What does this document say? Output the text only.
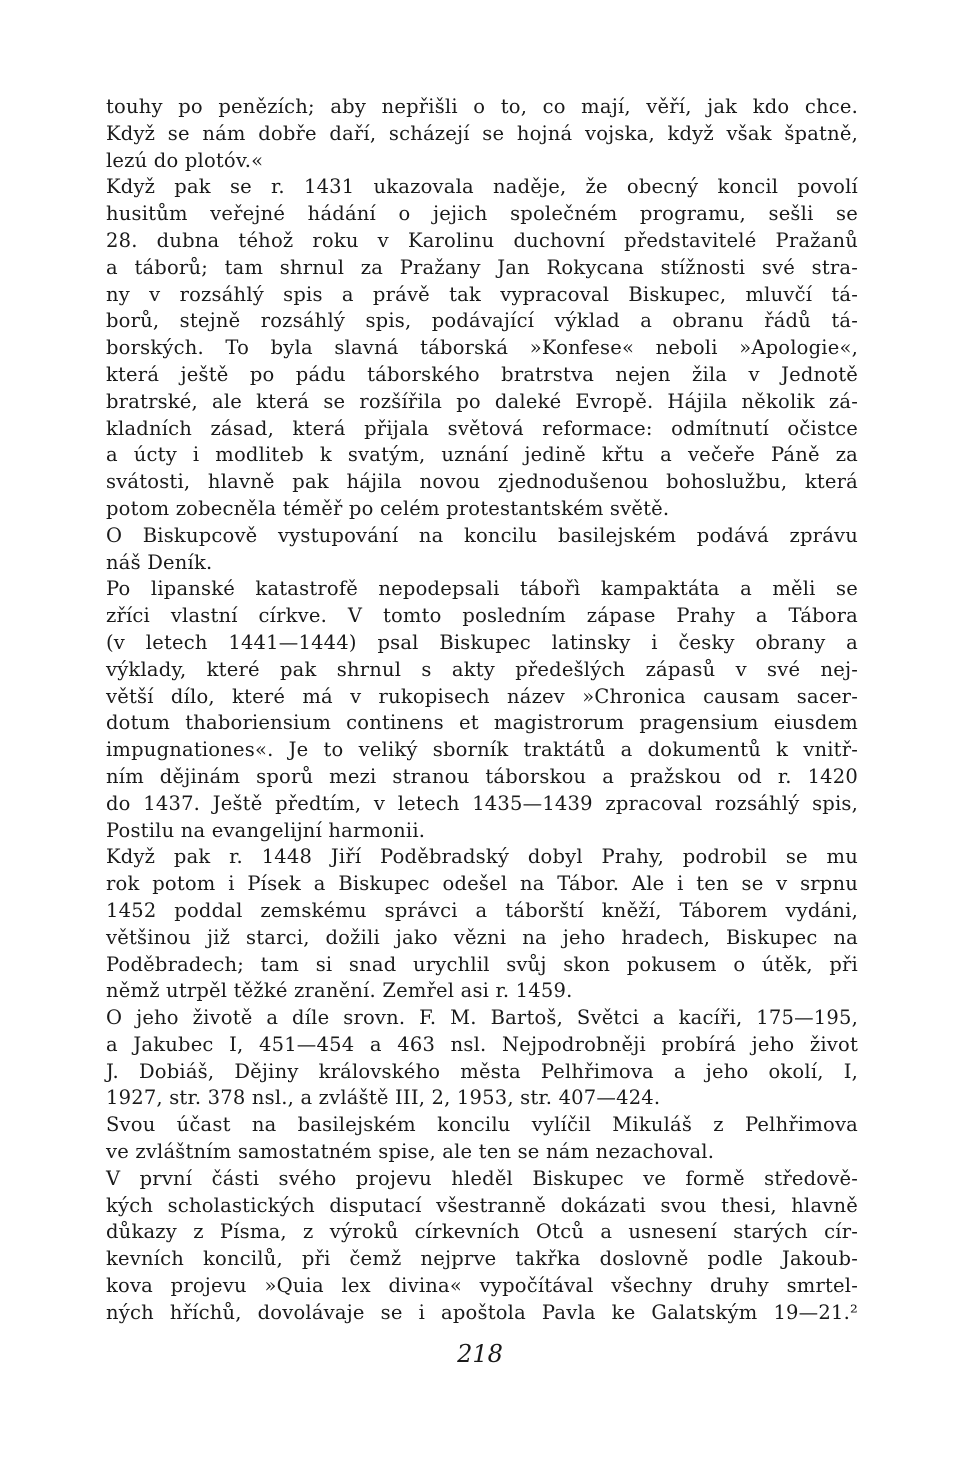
touhy po penězích; aby nepřišli o to, co mají, věří, jak kdo chce.
Když se nám dobře daří, scházejí se hojná vojska, když však špatně,
lezú do plotóv.«
Když pak se r. 1431 ukazovala naděje, že obecný koncil povolí
husitům veřejné hádání o jejich společném programu, sešli se
28. dubna téhož roku v Karolinu duchovní představitelé Pražanů
a táborů; tam shrnul za Pražany Jan Rokycana stížnosti své stra-
ny v rozsáhlý spis a právě tak vypracoval Biskupec, mluvčí tá-
borů, stejně rozsáhlý spis, podávající výklad a obranu řádů tá-
borských. To byla slavná táborská »Konfese« neboli »Apologie«,
která ještě po pádu táborského bratrstva nejen žila v Jednotě
bratrské, ale která se rozšířila po daleké Evropě. Hájila několik zá-
kladních zásad, která přijala světová reformace: odmítnutí očistce
a úcty i modliteb k svatým, uznání jedině křtu a večeře Páně za
svátosti, hlavně pak hájila novou zjednodušenou bohoslužbu, která
potom zobecněla téměř po celém protestantském světě.
O Biskupcově vystupování na koncilu basilejském podává zprávu
náš Deník.
Po lipanské katastrofě nepodepsali tábořì kampaktáta a měli se
zříci vlastní církve. V tomto posledním zápase Prahy a Tábora
(v letech 1441—1444) psal Biskupec latinsky i česky obrany a
výklady, které pak shrnul s akty předešlých zápasů v své nej-
větší dílo, které má v rukopisech název »Chronica causam sacer-
dotum thaboriensium continens et magistrorum pragensium eiusdem
impugnationes«. Je to veliký sborník traktátů a dokumentů k vnitř-
ním dějinám sporů mezi stranou táborskou a pražskou od r. 1420
do 1437. Ještě předtím, v letech 1435—1439 zpracoval rozsáhlý spis,
Postilu na evangelijní harmonii.
Když pak r. 1448 Jiří Poděbradský dobyl Prahy, podrobil se mu
rok potom i Písek a Biskupec odešel na Tábor. Ale i ten se v srpnu
1452 poddal zemskému správci a táborští kněží, Táborem vydáni,
většinou již starci, dožili jako vězni na jeho hradech, Biskupec na
Poděbradech; tam si snad urychlil svůj skon pokusem o útěk, při
němž utrpěl těžké zranění. Zemřel asi r. 1459.
O jeho životě a díle srovn. F. M. Bartoš, Světci a kacíři, 175—195,
a Jakubec I, 451—454 a 463 nsl. Nejpodrobněji probírá jeho život
J. Dobiáš, Dějiny královského města Pelhřimova a jeho okolí, I,
1927, str. 378 nsl., a zvláště III, 2, 1953, str. 407—424.
Svou účast na basilejském koncilu vylíčil Mikuláš z Pelhřimova
ve zvláštním samostatném spise, ale ten se nám nezachoval.
V první části svého projevu hleděl Biskupec ve formě středově-
kých scholastických disputací všestranně dokázati svou thesi, hlavně
důkazy z Písma, z výroků církevních Otců a usnesení starých cír-
kevních koncilů, při čemž nejprve takřka doslovně podle Jakoub-
kova projevu »Quia lex divina« vypočítával všechny druhy smrtel-
ných hříchů, dovolávaje se i apoštola Pavla ke Galatským 19—21.²
218
